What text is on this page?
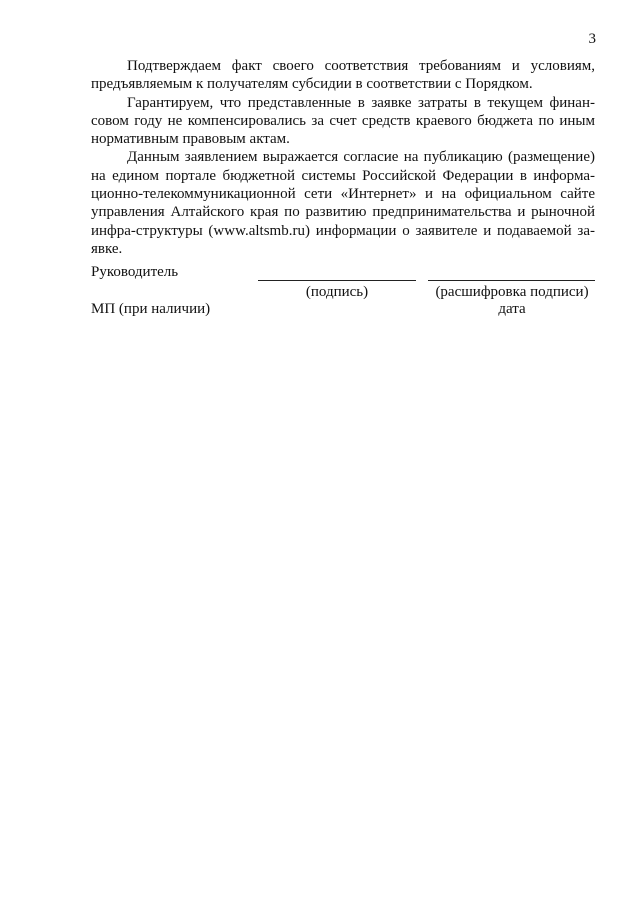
3

Подтверждаем факт своего соответствия требованиям и условиям, предъявляемым к получателям субсидии в соответствии с Порядком.

Гарантируем, что представленные в заявке затраты в текущем финансовом году не компенсировались за счет средств краевого бюджета по иным нормативным правовым актам.

Данным заявлением выражается согласие на публикацию (размещение) на едином портале бюджетной системы Российской Федерации в информационно-телекоммуникационной сети «Интернет» и на официальном сайте управления Алтайского края по развитию предпринимательства и рыночной инфра-структуры (www.altsmb.ru) информации о заявителе и подаваемой заявке.

Руководитель
(подпись)	(расшифровка подписи)
МП (при наличии)	дата
